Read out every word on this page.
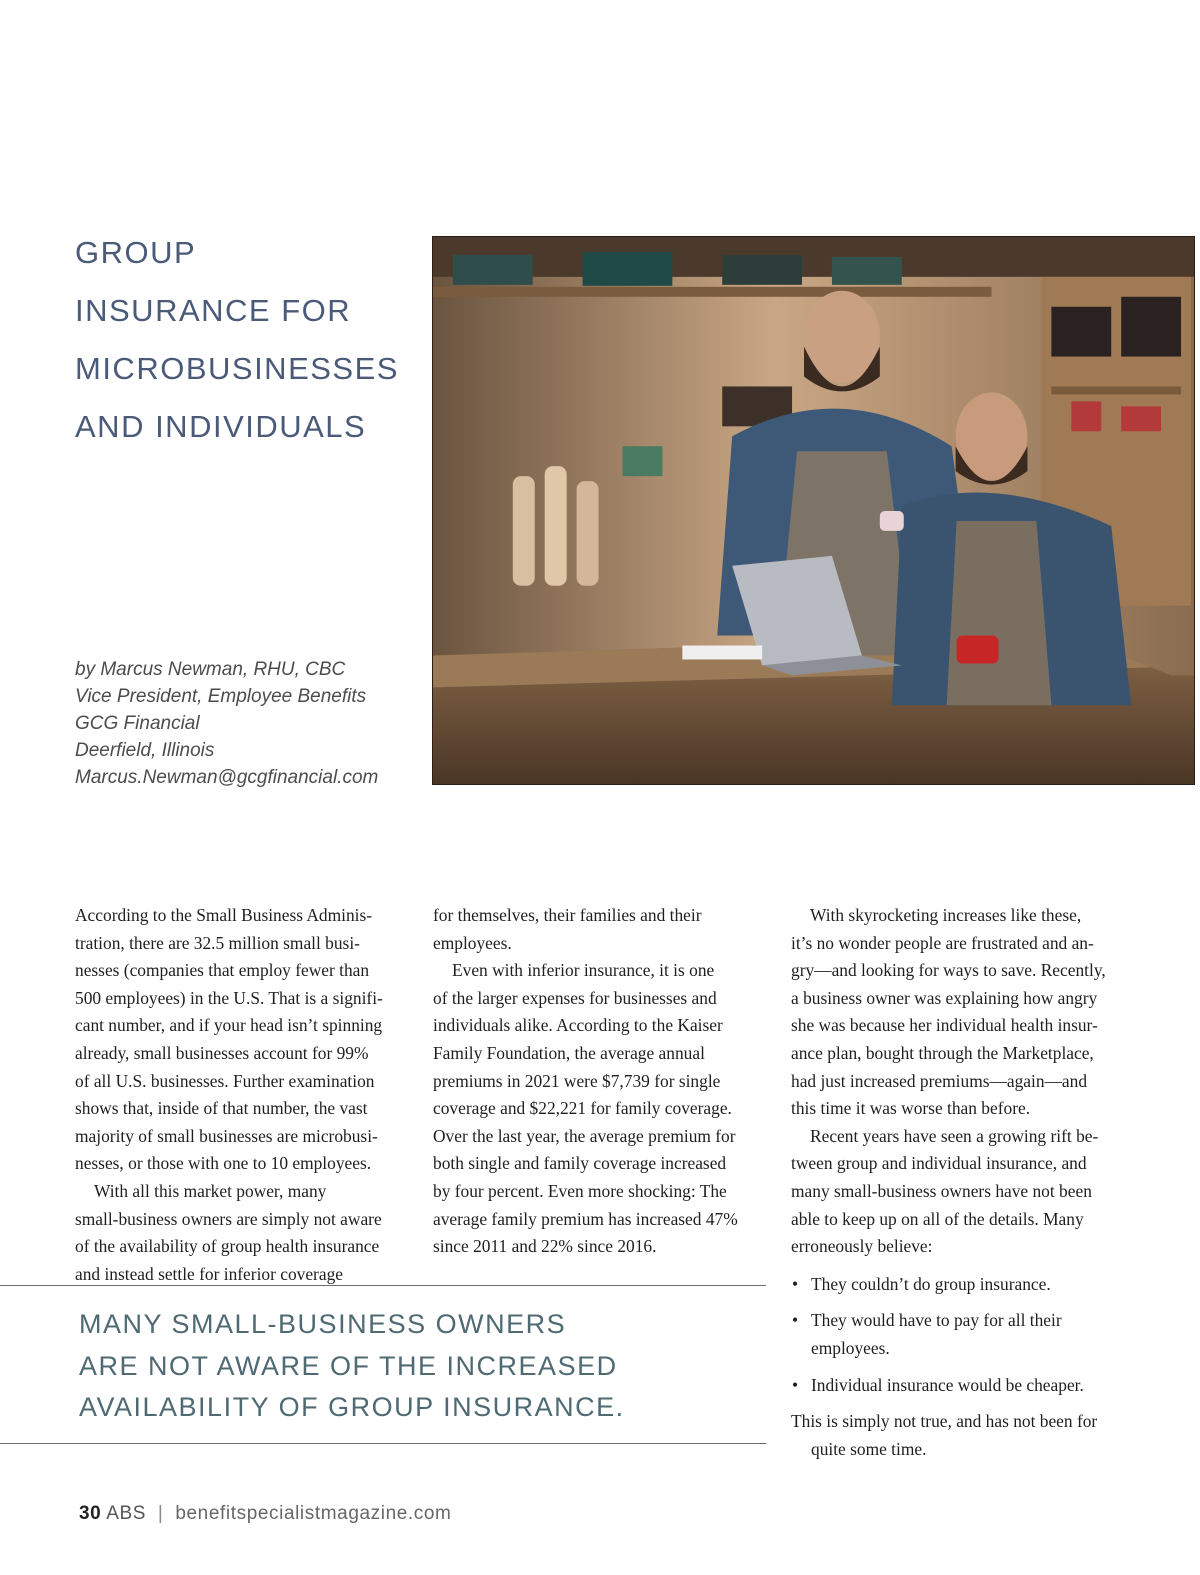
GROUP
INSURANCE FOR
MICROBUSINESSES
AND INDIVIDUALS
by Marcus Newman, RHU, CBC
Vice President, Employee Benefits
GCG Financial
Deerfield, Illinois
Marcus.Newman@gcgfinancial.com

According to the Small Business Adminis-
tration, there are 32.5 million small busi-
nesses (companies that employ fewer than
500 employees) in the U.S. That is a signifi-
cant number, and if your head isn’t spinning
already, small businesses account for 99%
of all U.S. businesses. Further examination
shows that, inside of that number, the vast
majority of small businesses are microbusi-
nesses, or those with one to 10 employees.

With all this market power, many
small-business owners are simply not aware
of the availability of group health insurance
and instead settle for inferior coverage

for themselves, their families and their
employees.

Even with inferior insurance, it is one
of the larger expenses for businesses and
individuals alike. According to the Kaiser
Family Foundation, the average annual
premiums in 2021 were $7,739 for single
coverage and $22,221 for family coverage.
Over the last year, the average premium for
both single and family coverage increased
by four percent. Even more shocking: The
average family premium has increased 47%
since 2011 and 22% since 2016.

With skyrocketing increases like these,
it’s no wonder people are frustrated and an-
gry—and looking for ways to save. Recently,
a business owner was explaining how angry
she was because her individual health insur-
ance plan, bought through the Marketplace,
had just increased premiums—again—and
this time it was worse than before.

Recent years have seen a growing rift be-
tween group and individual insurance, and
many small-business owners have not been
able to keep up on all of the details. Many
erroneously believe:

• They couldn’t do group insurance.
• They would have to pay for all their
employees.
• Individual insurance would be cheaper.

This is simply not true, and has not been for
quite some time.

MANY SMALL-BUSINESS OWNERS
ARE NOT AWARE OF THE INCREASED
AVAILABILITY OF GROUP INSURANCE.
30 ABS | benefitspecialistmagazine.com
